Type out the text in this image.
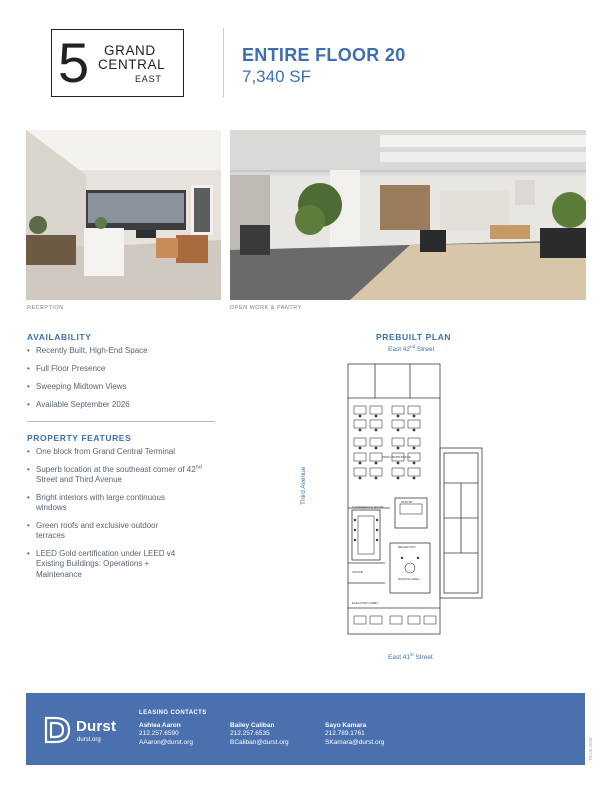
5 GRAND
CENTRAL
EAST
ENTIRE FLOOR 20
7,340 SF
RECEPTION	OPEN WORK & PANTRY
AVAILABILITY
• Recently Built, High-End Space
• Full Floor Presence
• Sweeping Midtown Views
• Available September 2026
PROPERTY FEATURES
• One block from Grand Central Terminal
• Superb location at the southeast corner of 42nd Street and Third Avenue
• Bright interiors with large continuous windows
• Green roofs and exclusive outdoor terraces
• LEED Gold certification under LEED v4 Existing Buildings: Operations + Maintenance
PREBUILT PLAN
East 42nd Street
East 41st Street
Third Avenue
OPEN WORKSPACE
PANTRY
CONFERENCE ROOM
RECEPTION
WAITING AREA
OFFICE
ELEVATOR LOBBY
Durst
durst.org
LEASING CONTACTS
Ashlea Aaron
212.257.6590
AAaron@durst.org
Bailey Caliban
212.257.6535
BCaliban@durst.org
Sayo Kamara
212.789.1761
SKamara@durst.org	05.06.2026
